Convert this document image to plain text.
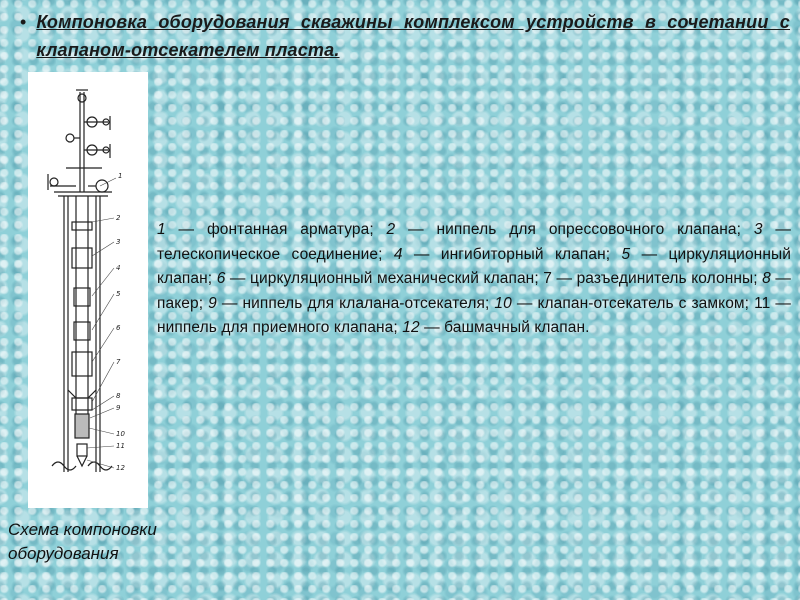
• Компоновка оборудования скважины комплексом устройств в сочетании с клапаном-отсекателем пласта.
1
2
3
4
5
6
7
8
9
10
11
12
1 — фонтанная арматура; 2 — ниппель для опрессовочного клапана; 3 — телескопическое соединение; 4 — ингибиторный клапан; 5 — циркуляционный клапан; 6 — циркуляционный механический клапан; 7 — разъединитель колонны; 8 — пакер; 9 — ниппель для клалана-отсекателя; 10 — клапан-отсекатель с замком; 11 — ниппель для приемного клапана; 12 — башмачный клапан.
Схема компоновки
оборудования
